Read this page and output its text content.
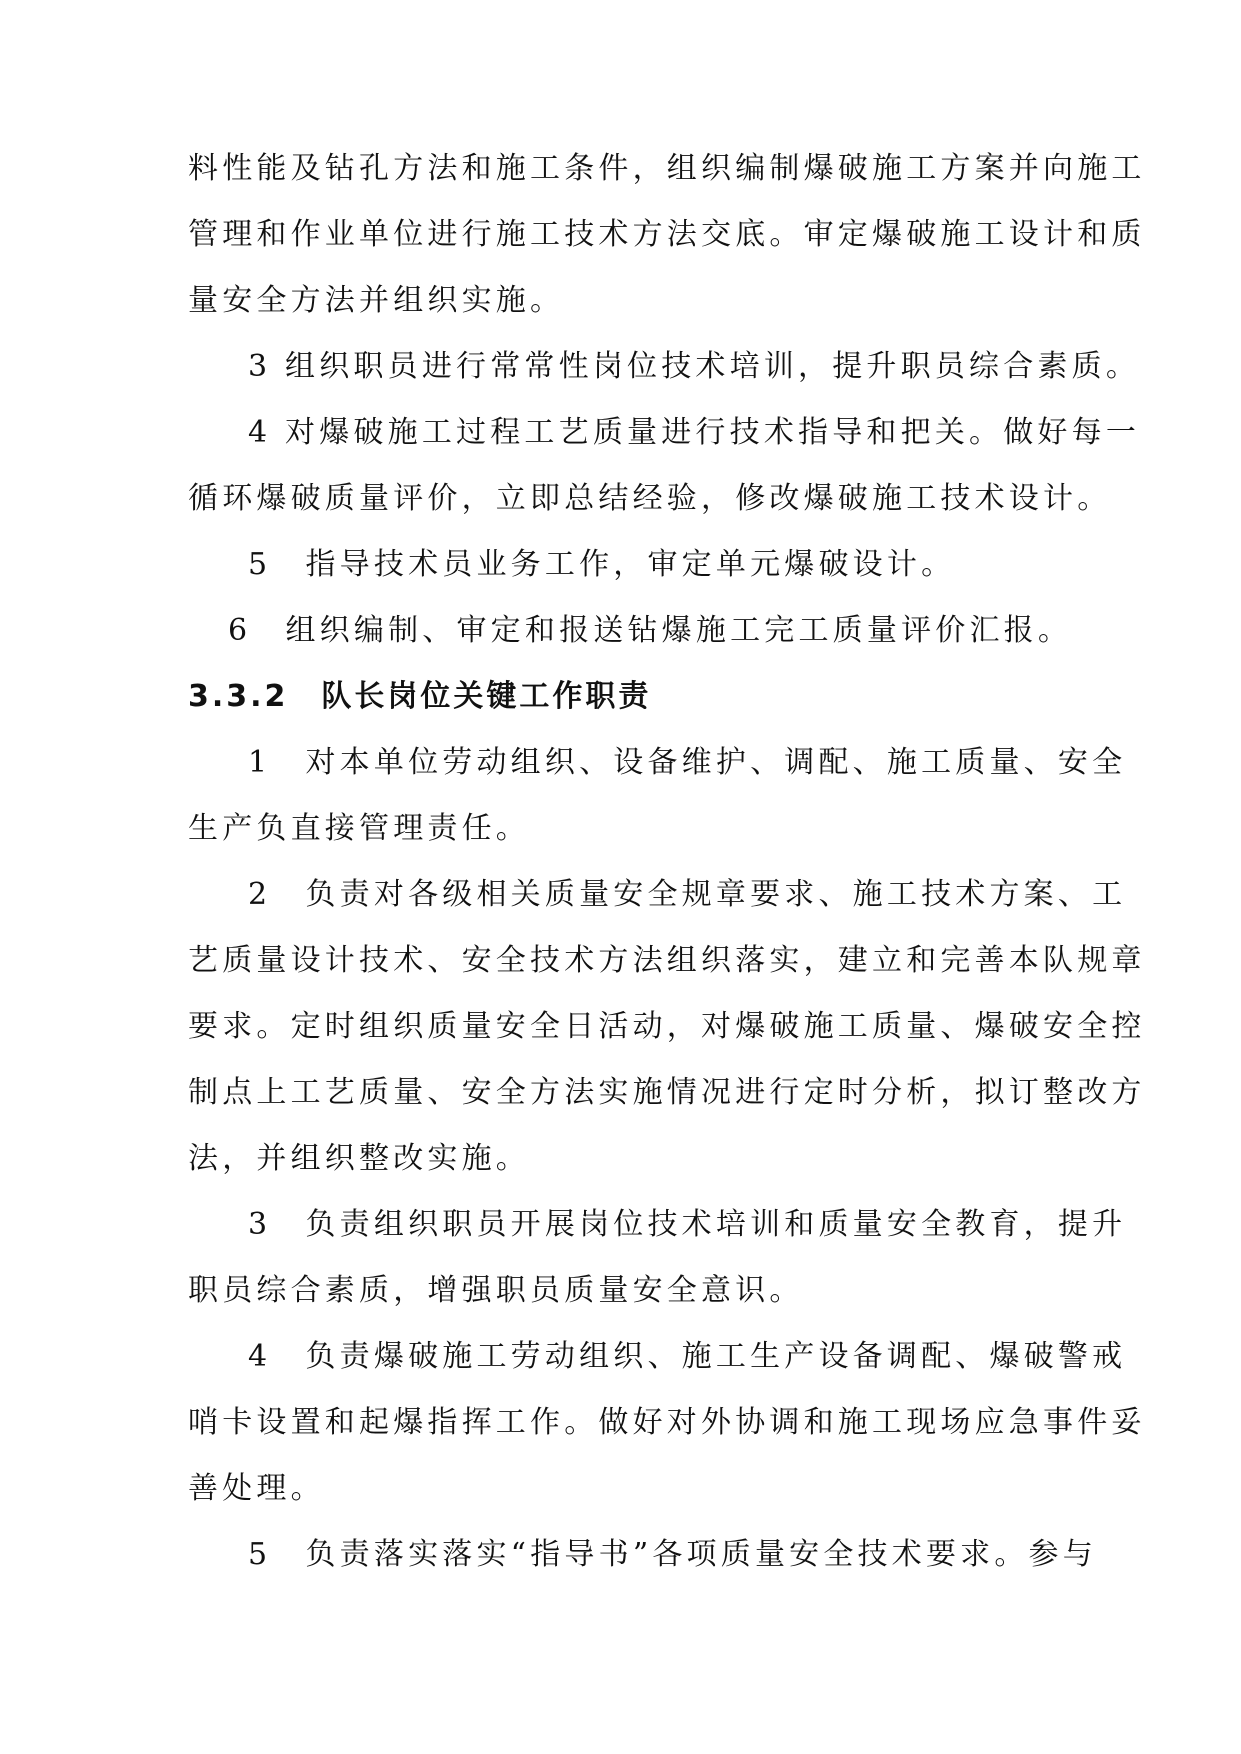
料性能及钻孔方法和施工条件，组织编制爆破施工方案并向施工
管理和作业单位进行施工技术方法交底。审定爆破施工设计和质
量安全方法并组织实施。
3 组织职员进行常常性岗位技术培训，提升职员综合素质。
4 对爆破施工过程工艺质量进行技术指导和把关。做好每一
循环爆破质量评价，立即总结经验，修改爆破施工技术设计。
5　指导技术员业务工作，审定单元爆破设计。
6　组织编制、审定和报送钻爆施工完工质量评价汇报。
3.3.2　队长岗位关键工作职责
1　对本单位劳动组织、设备维护、调配、施工质量、安全
生产负直接管理责任。
2　负责对各级相关质量安全规章要求、施工技术方案、工
艺质量设计技术、安全技术方法组织落实，建立和完善本队规章
要求。定时组织质量安全日活动，对爆破施工质量、爆破安全控
制点上工艺质量、安全方法实施情况进行定时分析，拟订整改方
法，并组织整改实施。
3　负责组织职员开展岗位技术培训和质量安全教育，提升
职员综合素质，增强职员质量安全意识。
4　负责爆破施工劳动组织、施工生产设备调配、爆破警戒
哨卡设置和起爆指挥工作。做好对外协调和施工现场应急事件妥
善处理。
5　负责落实落实“指导书”各项质量安全技术要求。参与
